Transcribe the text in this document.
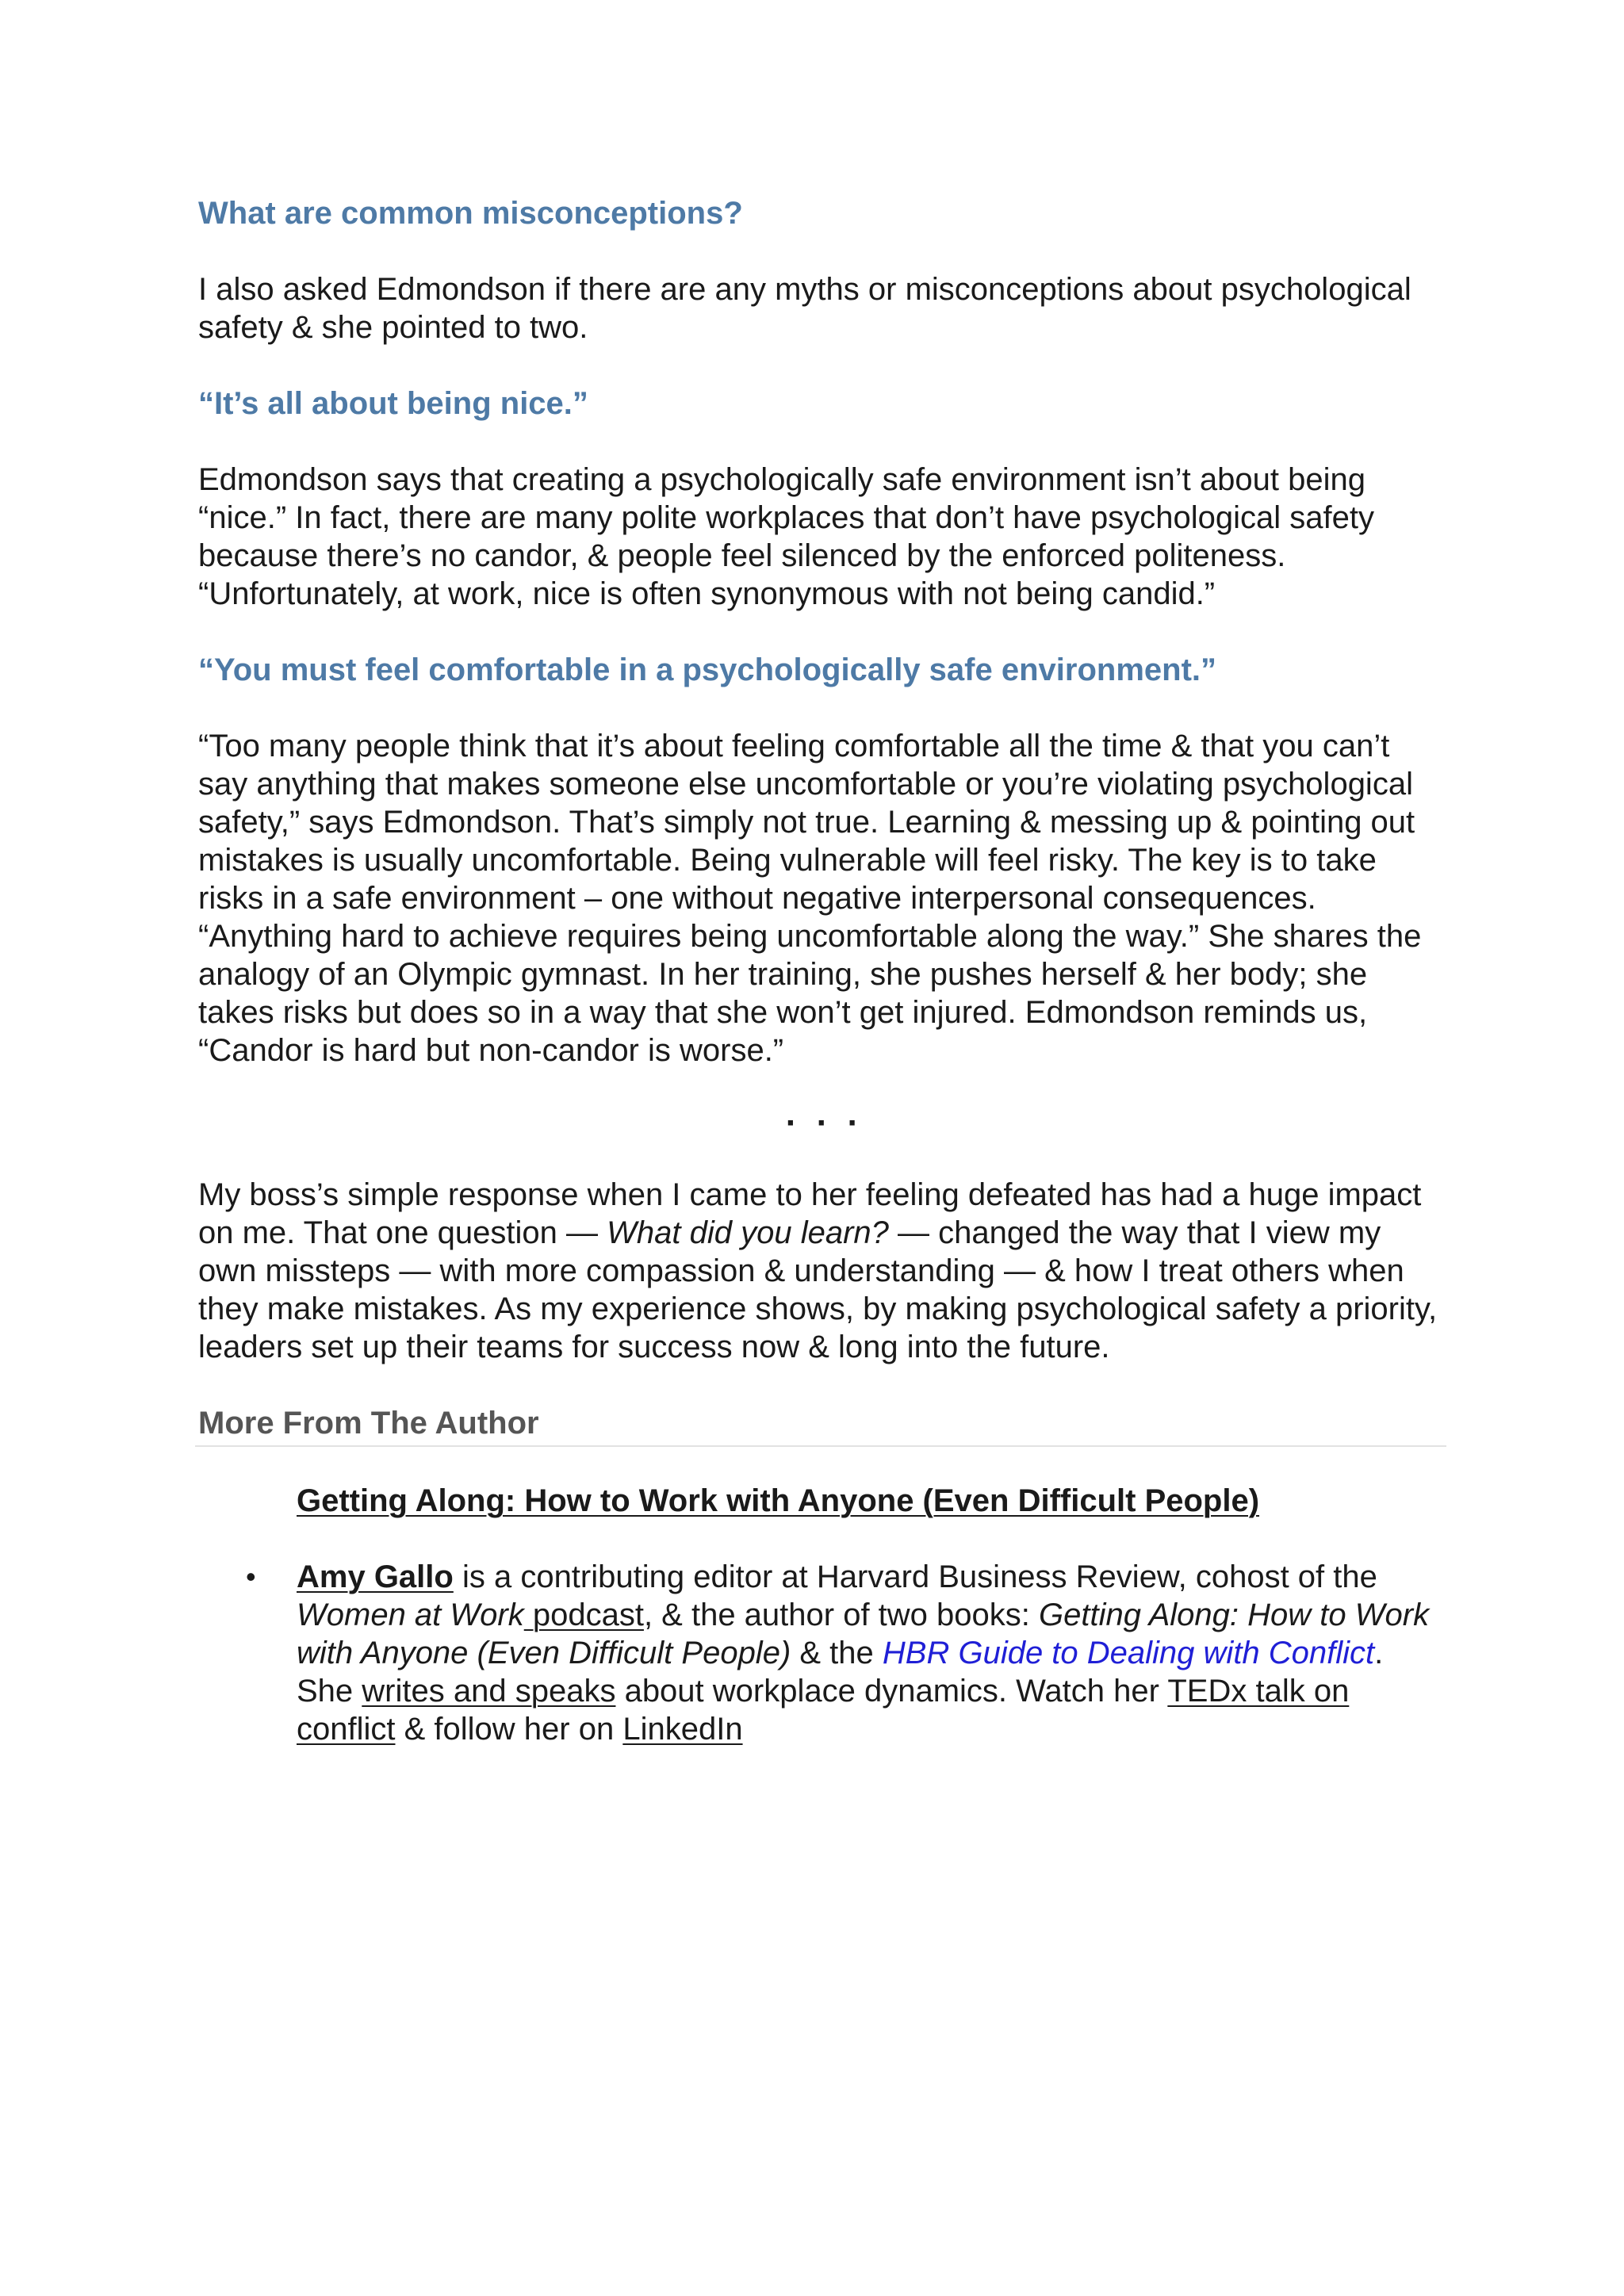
What are common misconceptions?

I also asked Edmondson if there are any myths or misconceptions about psychological safety & she pointed to two.

“It’s all about being nice.”

Edmondson says that creating a psychologically safe environment isn’t about being “nice.” In fact, there are many polite workplaces that don’t have psychological safety because there’s no candor, & people feel silenced by the enforced politeness. “Unfortunately, at work, nice is often synonymous with not being candid.”

“You must feel comfortable in a psychologically safe environment.”

“Too many people think that it’s about feeling comfortable all the time & that you can’t say anything that makes someone else uncomfortable or you’re violating psychological safety,” says Edmondson. That’s simply not true. Learning & messing up & pointing out mistakes is usually uncomfortable. Being vulnerable will feel risky. The key is to take risks in a safe environment – one without negative interpersonal consequences. “Anything hard to achieve requires being uncomfortable along the way.” She shares the analogy of an Olympic gymnast. In her training, she pushes herself & her body; she takes risks but does so in a way that she won’t get injured. Edmondson reminds us, “Candor is hard but non-candor is worse.”

· · ·

My boss’s simple response when I came to her feeling defeated has had a huge impact on me. That one question — What did you learn? — changed the way that I view my own missteps — with more compassion & understanding — & how I treat others when they make mistakes. As my experience shows, by making psychological safety a priority, leaders set up their teams for success now & long into the future.

More From The Author
Getting Along: How to Work with Anyone (Even Difficult People)
• Amy Gallo is a contributing editor at Harvard Business Review, cohost of the Women at Work podcast, & the author of two books: Getting Along: How to Work with Anyone (Even Difficult People) & the HBR Guide to Dealing with Conflict. She writes and speaks about workplace dynamics. Watch her TEDx talk on conflict & follow her on LinkedIn
